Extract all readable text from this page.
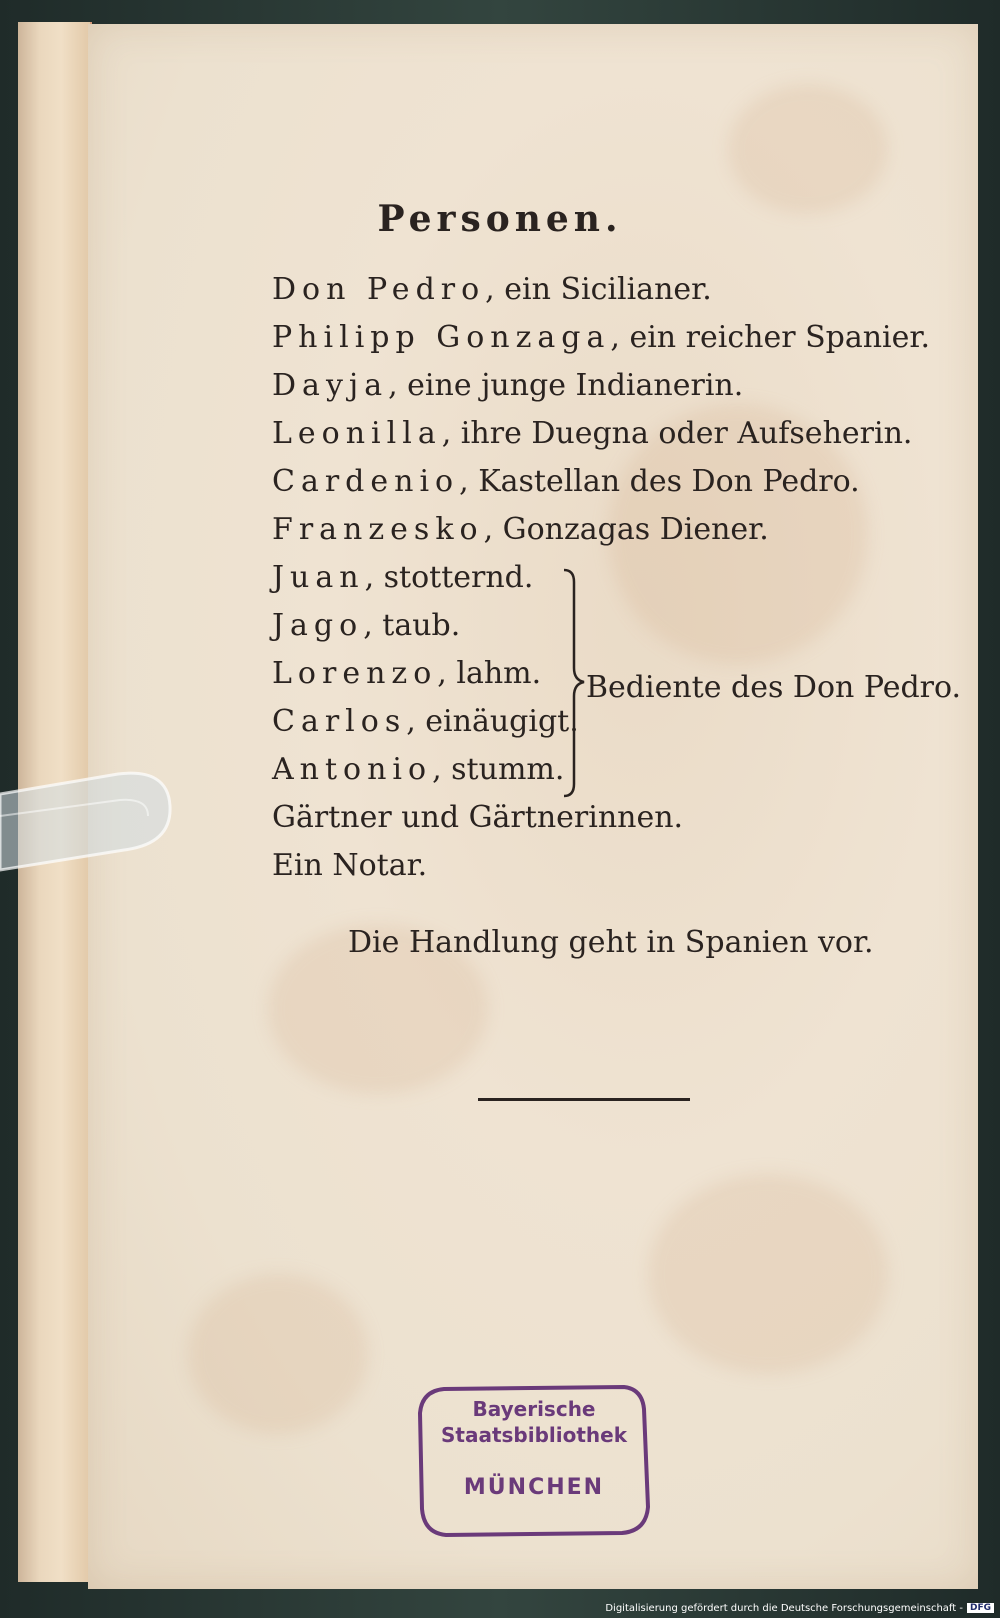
Personen.
Don Pedro, ein Sicilianer.
Philipp Gonzaga, ein reicher Spanier.
Dayja, eine junge Indianerin.
Leonilla, ihre Duegna oder Aufseherin.
Cardenio, Kastellan des Don Pedro.
Franzesko, Gonzagas Diener.
Juan, stotternd.
Jago, taub.
Lorenzo, lahm.
Carlos, einäugigt.
Antonio, stumm.
Gärtner und Gärtnerinnen.
Ein Notar.
Bediente des Don Pedro.
Die Handlung geht in Spanien vor.
Bayerische
Staatsbibliothek
MÜNCHEN
Digitalisierung gefördert durch die Deutsche Forschungsgemeinschaft - DFG
